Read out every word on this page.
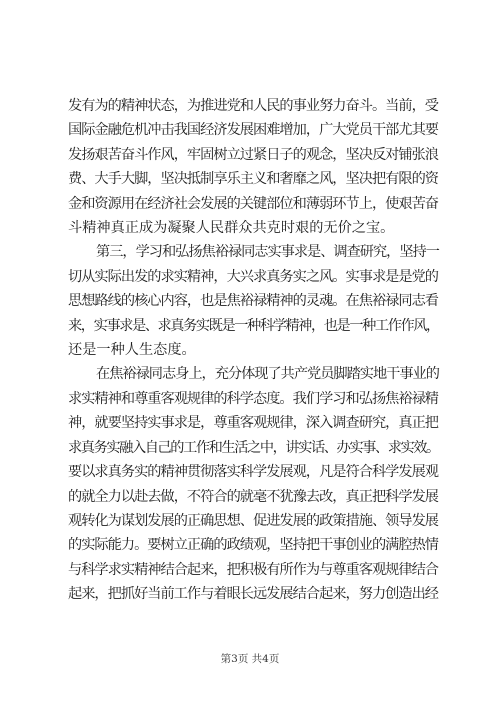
发有为的精神状态，为推进党和人民的事业努力奋斗。当前，受
国际金融危机冲击我国经济发展困难增加，广大党员干部尤其要
发扬艰苦奋斗作风，牢固树立过紧日子的观念，坚决反对铺张浪
费、大手大脚，坚决抵制享乐主义和奢靡之风，坚决把有限的资
金和资源用在经济社会发展的关键部位和薄弱环节上，使艰苦奋
斗精神真正成为凝聚人民群众共克时艰的无价之宝。
第三，学习和弘扬焦裕禄同志实事求是、调查研究，坚持一
切从实际出发的求实精神，大兴求真务实之风。实事求是是党的
思想路线的核心内容，也是焦裕禄精神的灵魂。在焦裕禄同志看
来，实事求是、求真务实既是一种科学精神，也是一种工作作风，
还是一种人生态度。
在焦裕禄同志身上，充分体现了共产党员脚踏实地干事业的
求实精神和尊重客观规律的科学态度。我们学习和弘扬焦裕禄精
神，就要坚持实事求是，尊重客观规律，深入调查研究，真正把
求真务实融入自己的工作和生活之中，讲实话、办实事、求实效。
要以求真务实的精神贯彻落实科学发展观，凡是符合科学发展观
的就全力以赴去做，不符合的就毫不犹豫去改，真正把科学发展
观转化为谋划发展的正确思想、促进发展的政策措施、领导发展
的实际能力。要树立正确的政绩观，坚持把干事创业的满腔热情
与科学求实精神结合起来，把积极有所作为与尊重客观规律结合
起来，把抓好当前工作与着眼长远发展结合起来，努力创造出经
第3页 共4页
